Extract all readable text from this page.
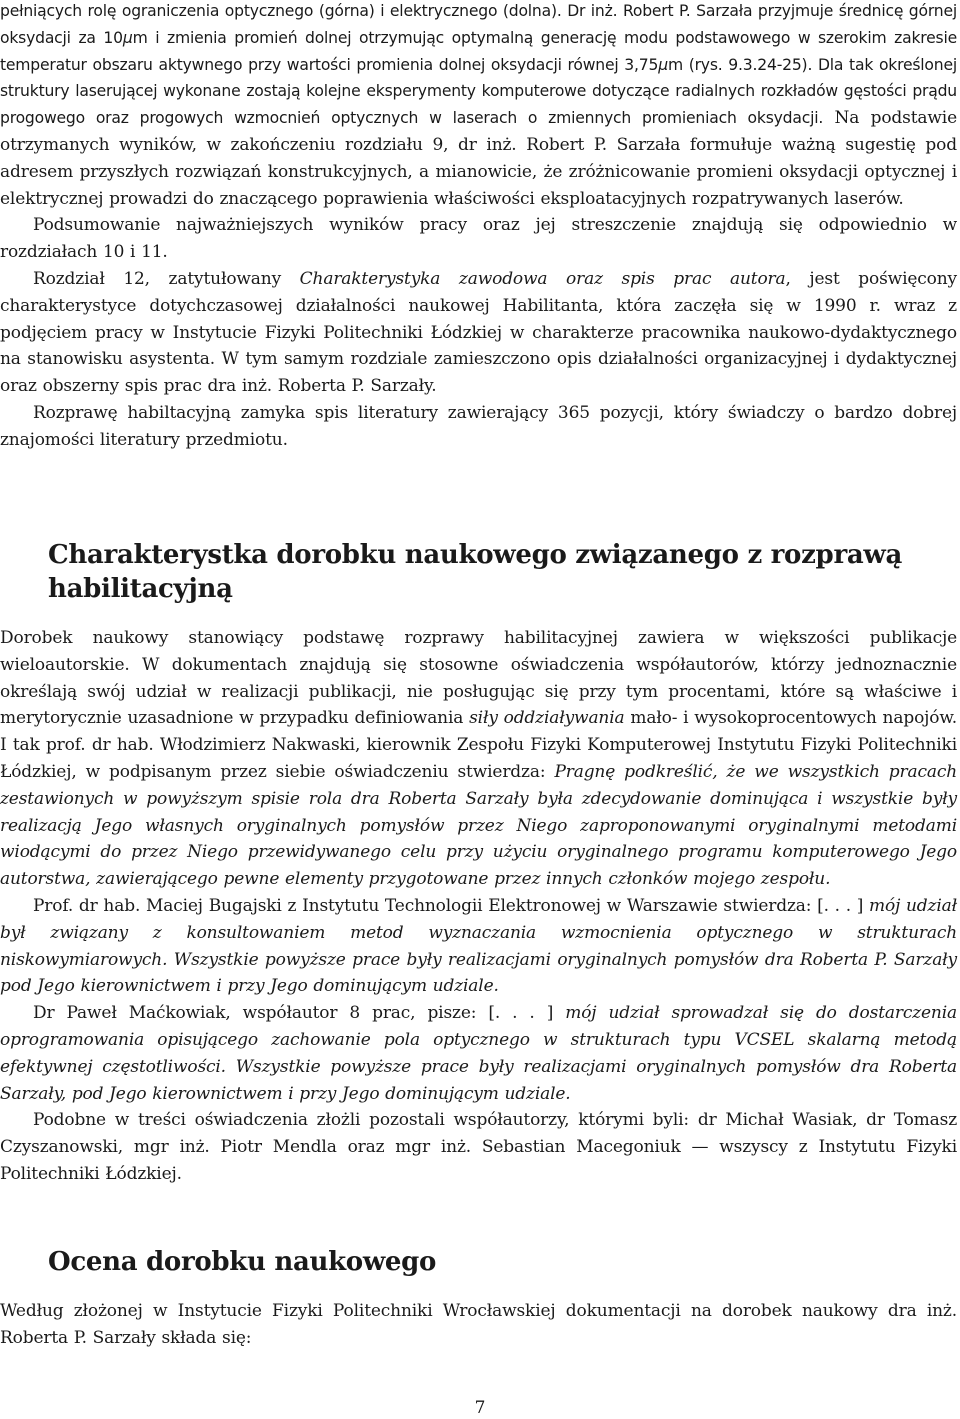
pełniących rolę ograniczenia optycznego (górna) i elektrycznego (dolna). Dr inż. Robert P. Sarzała przyjmuje średnicę górnej oksydacji za 10μm i zmienia promień dolnej otrzymując optymalną generację modu podstawowego w szerokim zakresie temperatur obszaru aktywnego przy wartości promienia dolnej oksydacji równej 3,75μm (rys. 9.3.24-25). Dla tak określonej struktury laserującej wykonane zostają kolejne eksperymenty komputerowe dotyczące radialnych rozkładów gęstości prądu progowego oraz progowych wzmocnień optycznych w laserach o zmiennych promieniach oksydacji. Na podstawie otrzymanych wyników, w zakończeniu rozdziału 9, dr inż. Robert P. Sarzała formułuje ważną sugestię pod adresem przyszłych rozwiązań konstrukcyjnych, a mianowicie, że zróżnicowanie promieni oksydacji optycznej i elektrycznej prowadzi do znaczącego poprawienia właściwości eksploatacyjnych rozpatrywanych laserów.

Podsumowanie najważniejszych wyników pracy oraz jej streszczenie znajdują się odpowiednio w rozdziałach 10 i 11.

Rozdział 12, zatytułowany Charakterystyka zawodowa oraz spis prac autora, jest poświęcony charakterystyce dotychczasowej działalności naukowej Habilitanta, która zaczęła się w 1990 r. wraz z podjęciem pracy w Instytucie Fizyki Politechniki Łódzkiej w charakterze pracownika naukowo-dydaktycznego na stanowisku asystenta. W tym samym rozdziale zamieszczono opis działalności organizacyjnej i dydaktycznej oraz obszerny spis prac dra inż. Roberta P. Sarzały.

Rozprawę habiltacyjną zamyka spis literatury zawierający 365 pozycji, który świadczy o bardzo dobrej znajomości literatury przedmiotu.

Charakterystka dorobku naukowego związanego z rozprawą habilitacyjną

Dorobek naukowy stanowiący podstawę rozprawy habilitacyjnej zawiera w większości publikacje wieloautorskie. W dokumentach znajdują się stosowne oświadczenia współautorów, którzy jednoznacznie określają swój udział w realizacji publikacji, nie posługując się przy tym procentami, które są właściwe i merytorycznie uzasadnione w przypadku definiowania siły oddziaływania mało- i wysokoprocentowych napojów. I tak prof. dr hab. Włodzimierz Nakwaski, kierownik Zespołu Fizyki Komputerowej Instytutu Fizyki Politechniki Łódzkiej, w podpisanym przez siebie oświadczeniu stwierdza: Pragnę podkreślić, że we wszystkich pracach zestawionych w powyższym spisie rola dra Roberta Sarzały była zdecydowanie dominująca i wszystkie były realizacją Jego własnych oryginalnych pomysłów przez Niego zaproponowanymi oryginalnymi metodami wiodącymi do przez Niego przewidywanego celu przy użyciu oryginalnego programu komputerowego Jego autorstwa, zawierającego pewne elementy przygotowane przez innych członków mojego zespołu.

Prof. dr hab. Maciej Bugajski z Instytutu Technologii Elektronowej w Warszawie stwierdza: [. . . ] mój udział był związany z konsultowaniem metod wyznaczania wzmocnienia optycznego w strukturach niskowymiarowych. Wszystkie powyższe prace były realizacjami oryginalnych pomysłów dra Roberta P. Sarzały pod Jego kierownictwem i przy Jego dominującym udziale.

Dr Paweł Maćkowiak, współautor 8 prac, pisze: [. . . ] mój udział sprowadzał się do dostarczenia oprogramowania opisującego zachowanie pola optycznego w strukturach typu VCSEL skalarną metodą efektywnej częstotliwości. Wszystkie powyższe prace były realizacjami oryginalnych pomysłów dra Roberta Sarzały, pod Jego kierownictwem i przy Jego dominującym udziale.

Podobne w treści oświadczenia złożli pozostali współautorzy, którymi byli: dr Michał Wasiak, dr Tomasz Czyszanowski, mgr inż. Piotr Mendla oraz mgr inż. Sebastian Macegoniuk — wszyscy z Instytutu Fizyki Politechniki Łódzkiej.

Ocena dorobku naukowego

Według złożonej w Instytucie Fizyki Politechniki Wrocławskiej dokumentacji na dorobek naukowy dra inż. Roberta P. Sarzały składa się:

7
